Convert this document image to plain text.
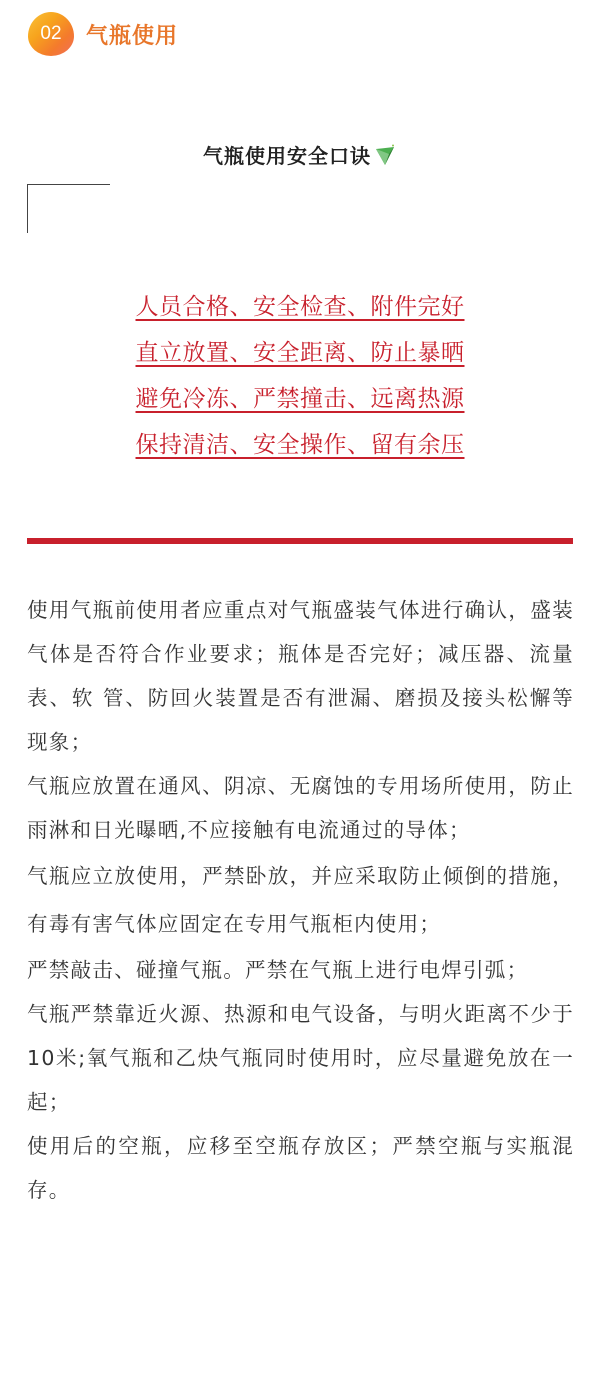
02	气瓶使用
气瓶使用安全口诀
人员合格、安全检查、附件完好
直立放置、安全距离、防止暴晒
避免冷冻、严禁撞击、远离热源
保持清洁、安全操作、留有余压

使用气瓶前使用者应重点对气瓶盛装气体进行确认，盛装气体是否符合作业要求；瓶体是否完好；减压器、流量表、软 管、防回火装置是否有泄漏、磨损及接头松懈等现象；

气瓶应放置在通风、阴凉、无腐蚀的专用场所使用，防止雨淋和日光曝晒,不应接触有电流通过的导体；

气瓶应立放使用，严禁卧放，并应采取防止倾倒的措施，有毒有害气体应固定在专用气瓶柜内使用；

严禁敲击、碰撞气瓶。严禁在气瓶上进行电焊引弧；

气瓶严禁靠近火源、热源和电气设备，与明火距离不少于10米;氧气瓶和乙炔气瓶同时使用时，应尽量避免放在一起；

使用后的空瓶，应移至空瓶存放区；严禁空瓶与实瓶混存。
